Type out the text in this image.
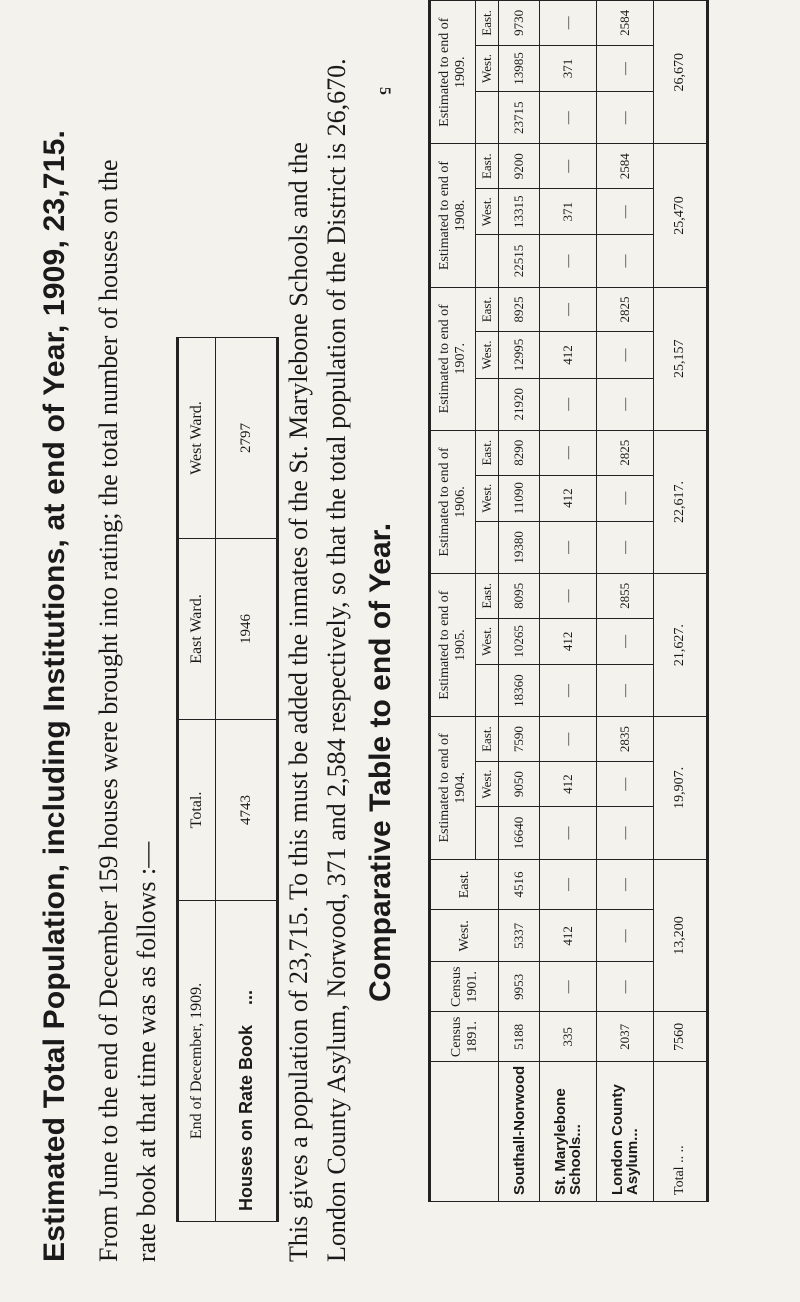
5
Estimated Total Population, including Institutions, at end of Year, 1909, 23,715. From June to the end of December 159 houses were brought into rating; the total number of houses on the rate book at that time was as follows :— End of December, 1909.	Total.	East Ward.	West Ward.
Houses on Rate Book    ...	4743	1946	2797 This gives a population of 23,715. To this must be added the inmates of the St. Marylebone Schools and the London County Asylum, Norwood, 371 and 2,584 respectively, so that the total population of the District is 26,670. Comparative Table to end of Year.
	Census 1891.	Census 1901.	West.	East.	Estimated to end of 1904.			Estimated to end of 1905.			Estimated to end of 1906.			Estimated to end of 1907.			Estimated to end of 1908.			Estimated to end of 1909.		
						West.	East.		West.	East.		West.	East.		West.	East.		West.	East.		West.	East.
Southall-Norwood	5188	9953	5337	4516	16640	9050	7590	18360	10265	8095	19380	11090	8290	21920	12995	8925	22515	13315	9200	23715	13985	9730
St. Marylebone Schools...	335	—	412	—	—	412	—	—	412	—	—	412	—	—	412	—	—	371	—	—	371	—
London County Asylum...	2037	—	—	—	—	—	2835	—	—	2855	—	—	2825	—	—	2825	—	—	2584	—	—	2584
Total .. ..	7560	13,200			19,907.			21,627.			22,617.			25,157			25,470			26,670		
